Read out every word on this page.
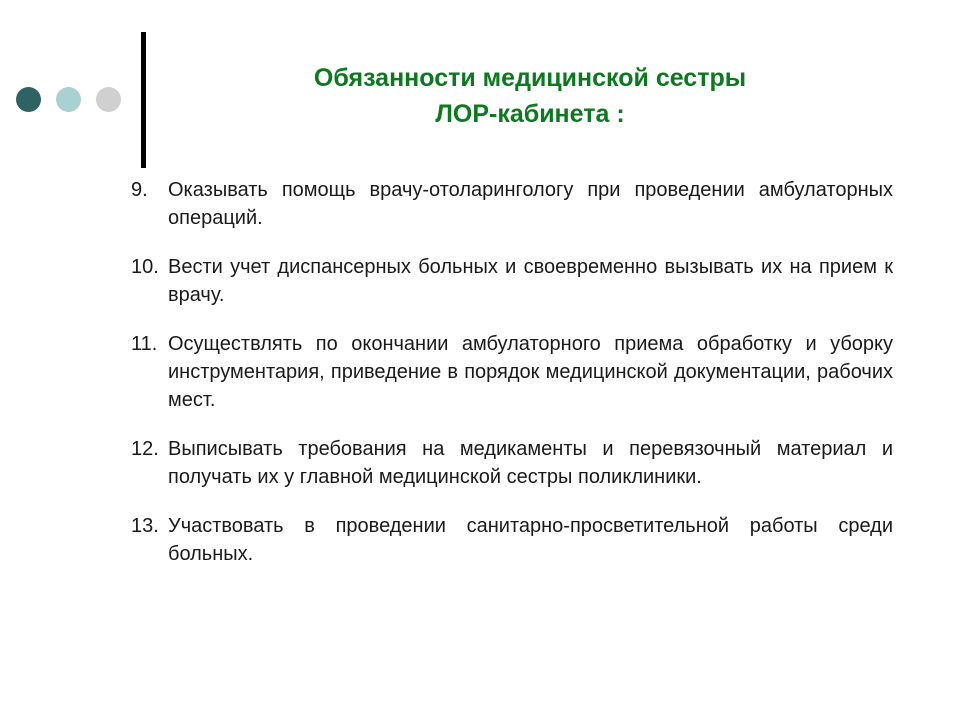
Обязанности медицинской сестры
ЛОР-кабинета :
9. Оказывать помощь врачу-отоларингологу при проведении амбулаторных операций.
10. Вести учет диспансерных больных и своевременно вызывать их на прием к врачу.
11. Осуществлять по окончании амбулаторного приема обработку и уборку инструментария, приведение в порядок медицинской документации, рабочих мест.
12. Выписывать требования на медикаменты и перевязочный материал и получать их у главной медицинской сестры поликлиники.
13. Участвовать в проведении санитарно-просветительной работы среди больных.
